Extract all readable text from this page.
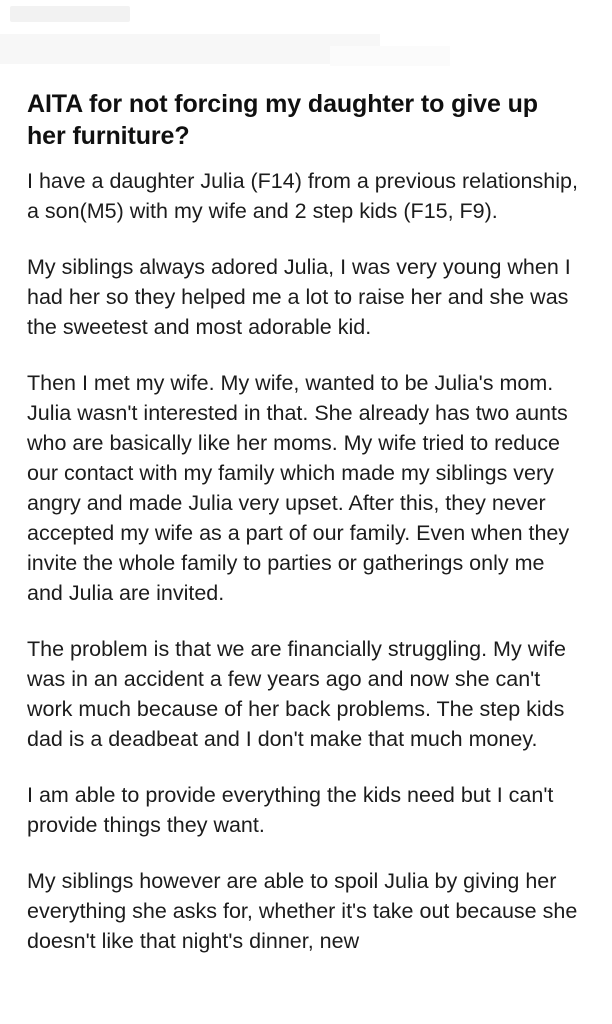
AITA for not forcing my daughter to give up her furniture?

I have a daughter Julia (F14) from a previous relationship, a son(M5) with my wife and 2 step kids (F15, F9).

My siblings always adored Julia, I was very young when I had her so they helped me a lot to raise her and she was the sweetest and most adorable kid.

Then I met my wife. My wife, wanted to be Julia's mom. Julia wasn't interested in that. She already has two aunts who are basically like her moms. My wife tried to reduce our contact with my family which made my siblings very angry and made Julia very upset. After this, they never accepted my wife as a part of our family. Even when they invite the whole family to parties or gatherings only me and Julia are invited.

The problem is that we are financially struggling. My wife was in an accident a few years ago and now she can't work much because of her back problems. The step kids dad is a deadbeat and I don't make that much money.

I am able to provide everything the kids need but I can't provide things they want.

My siblings however are able to spoil Julia by giving her everything she asks for, whether it's take out because she doesn't like that night's dinner, new
